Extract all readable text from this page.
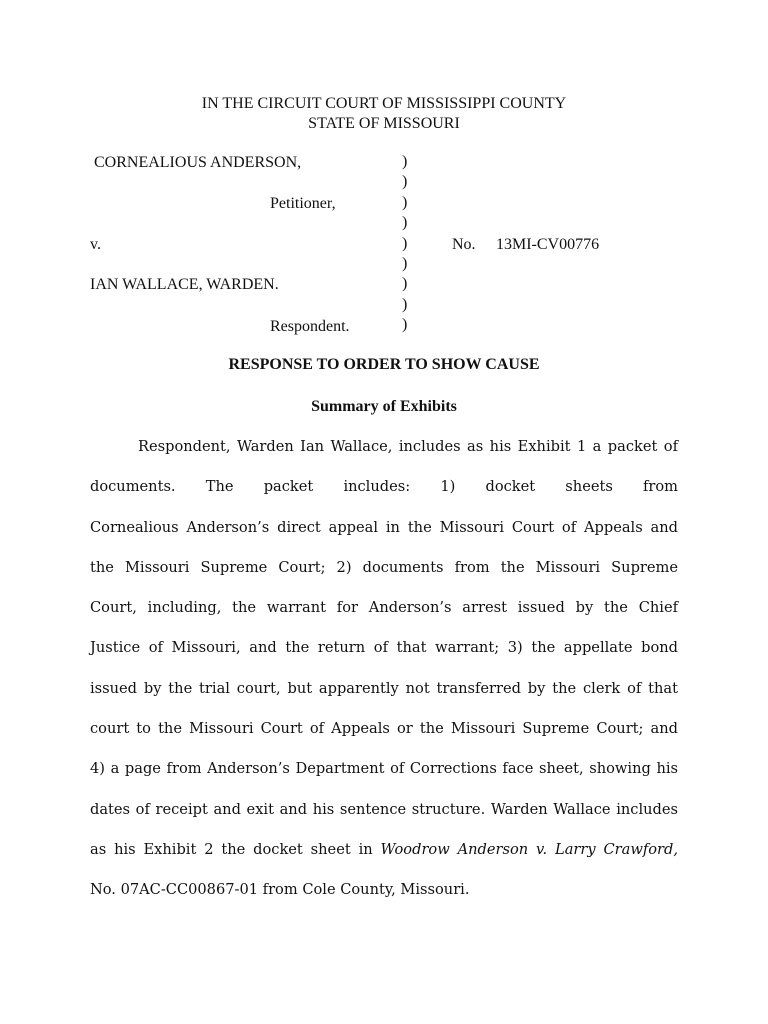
IN THE CIRCUIT COURT OF MISSISSIPPI COUNTY
STATE OF MISSOURI
CORNEALIOUS ANDERSON,
Petitioner,
v.
IAN WALLACE, WARDEN.
Respondent.
)
)
)
)
)
)
)
)
)
No. 13MI-CV00776
RESPONSE TO ORDER TO SHOW CAUSE
Summary of Exhibits
Respondent, Warden Ian Wallace, includes as his Exhibit 1 a packet of
documents. The packet includes: 1) docket sheets from
Cornealious Anderson’s direct appeal in the Missouri Court of Appeals and
the Missouri Supreme Court; 2) documents from the Missouri Supreme
Court, including, the warrant for Anderson’s arrest issued by the Chief
Justice of Missouri, and the return of that warrant; 3) the appellate bond
issued by the trial court, but apparently not transferred by the clerk of that
court to the Missouri Court of Appeals or the Missouri Supreme Court; and
4) a page from Anderson’s Department of Corrections face sheet, showing his
dates of receipt and exit and his sentence structure. Warden Wallace includes
as his Exhibit 2 the docket sheet in Woodrow Anderson v. Larry Crawford,
No. 07AC-CC00867-01 from Cole County, Missouri.
